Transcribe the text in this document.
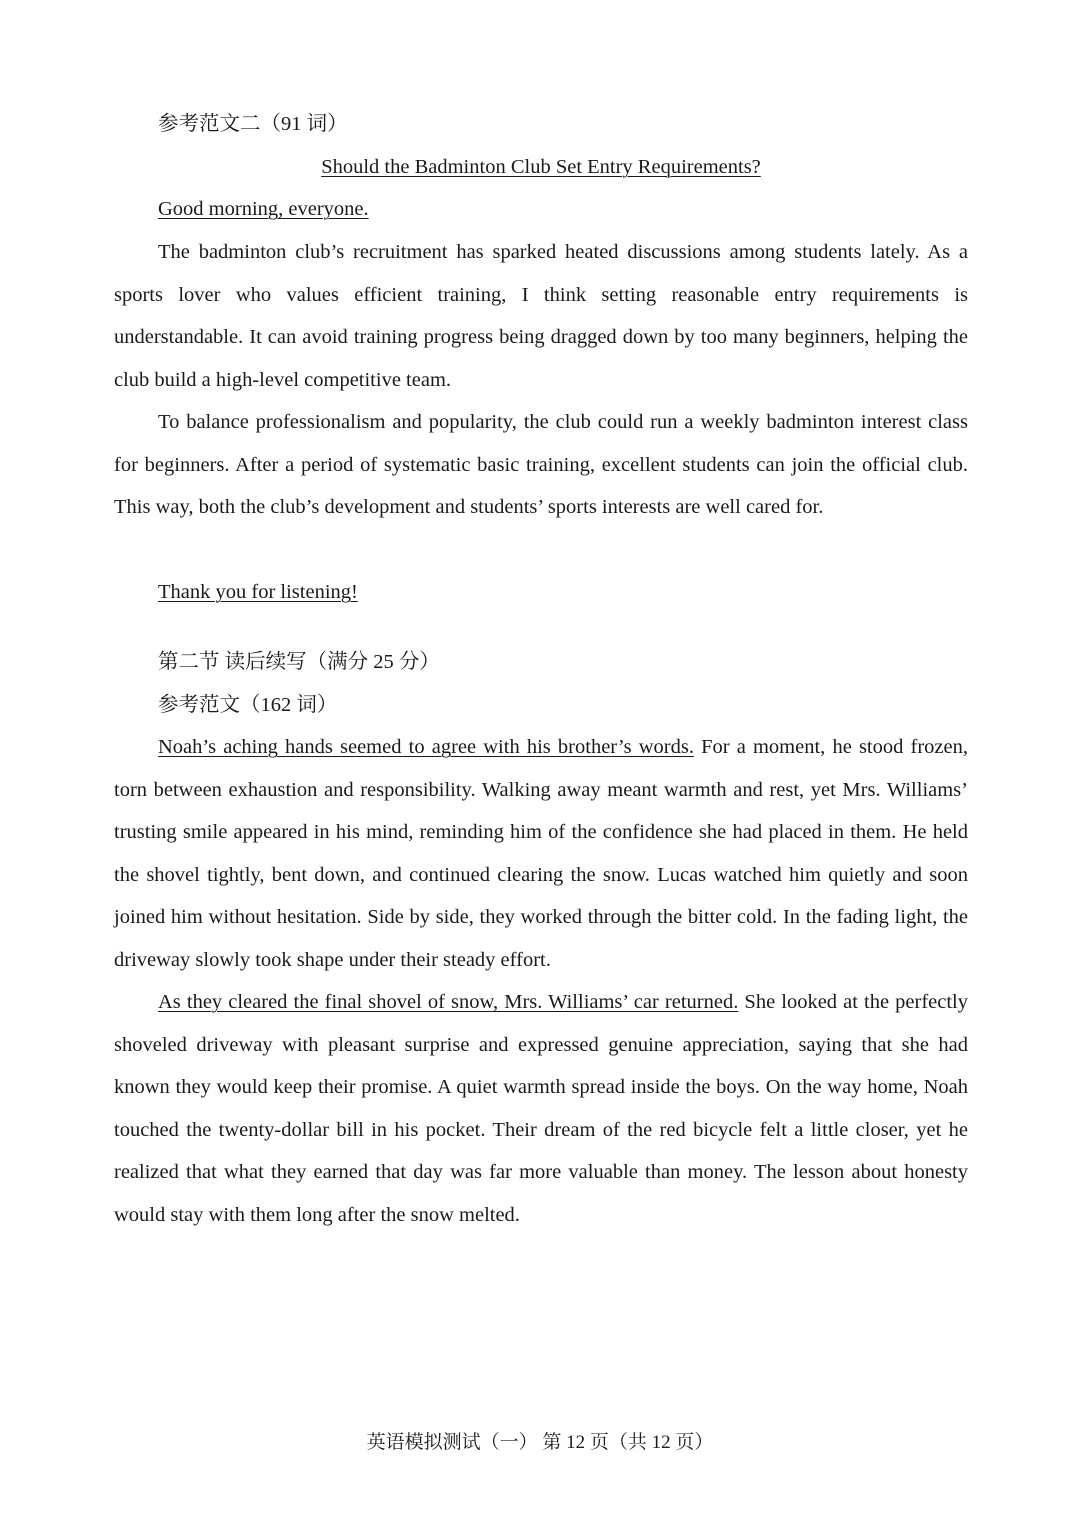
参考范文二（91 词）
Should the Badminton Club Set Entry Requirements?
Good morning, everyone.

The badminton club’s recruitment has sparked heated discussions among students lately. As a sports lover who values efficient training, I think setting reasonable entry requirements is understandable. It can avoid training progress being dragged down by too many beginners, helping the club build a high-level competitive team.

To balance professionalism and popularity, the club could run a weekly badminton interest class for beginners. After a period of systematic basic training, excellent students can join the official club. This way, both the club’s development and students’ sports interests are well cared for.

Thank you for listening!
第二节 读后续写（满分 25 分）
参考范文（162 词）

Noah’s aching hands seemed to agree with his brother’s words. For a moment, he stood frozen, torn between exhaustion and responsibility. Walking away meant warmth and rest, yet Mrs. Williams’ trusting smile appeared in his mind, reminding him of the confidence she had placed in them. He held the shovel tightly, bent down, and continued clearing the snow. Lucas watched him quietly and soon joined him without hesitation. Side by side, they worked through the bitter cold. In the fading light, the driveway slowly took shape under their steady effort.

As they cleared the final shovel of snow, Mrs. Williams’ car returned. She looked at the perfectly shoveled driveway with pleasant surprise and expressed genuine appreciation, saying that she had known they would keep their promise. A quiet warmth spread inside the boys. On the way home, Noah touched the twenty-dollar bill in his pocket. Their dream of the red bicycle felt a little closer, yet he realized that what they earned that day was far more valuable than money. The lesson about honesty would stay with them long after the snow melted.

英语模拟测试（一） 第 12 页（共 12 页）
